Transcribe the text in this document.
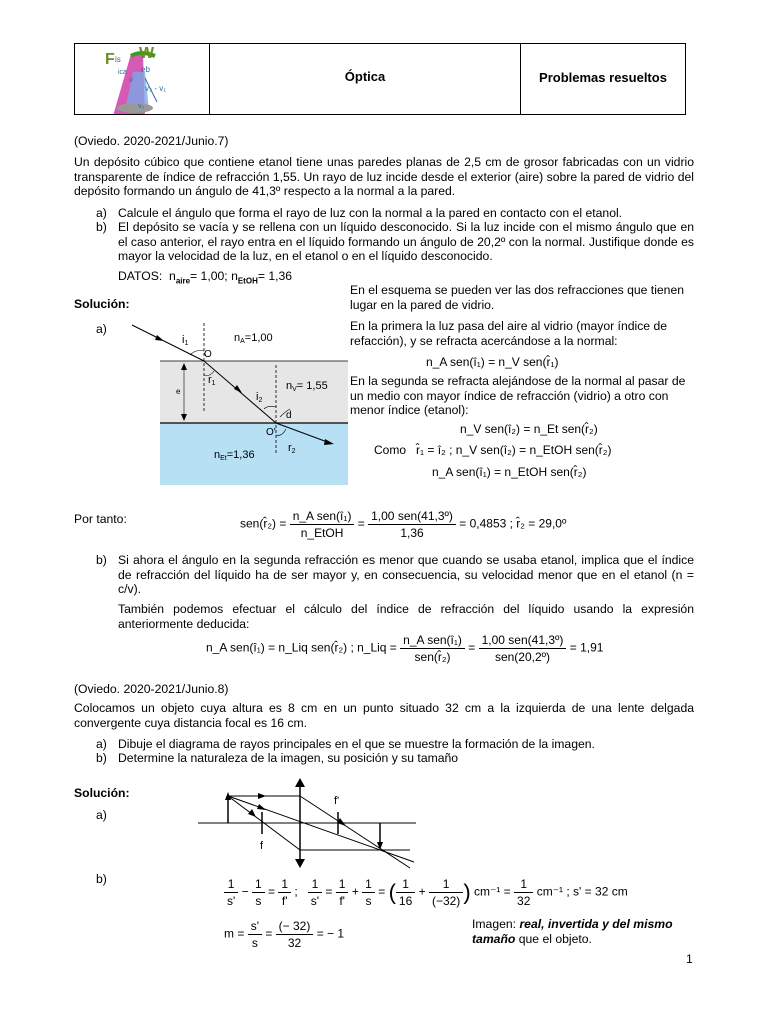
F is
ica
W
eb
v
v₂ - v₁
v₂
Óptica	Problemas resueltos
(Oviedo. 2020-2021/Junio.7)
Un depósito cúbico que contiene etanol tiene unas paredes planas de 2,5 cm de grosor fabricadas con un vidrio transparente de índice de refracción 1,55. Un rayo de luz incide desde el exterior (aire) sobre la pared de vidrio del depósito formando un ángulo de 41,3º respecto a la normal a la pared.
a) Calcule el ángulo que forma el rayo de luz con la normal a la pared en contacto con el etanol.
b) El depósito se vacía y se rellena con un líquido desconocido. Si la luz incide con el mismo ángulo que en el caso anterior, el rayo entra en el líquido formando un ángulo de 20,2º con la normal. Justifique donde es mayor la velocidad de la luz, en el etanol o en el líquido desconocido.
DATOS: $n_{aire}= 1,00$; $n_{EtOH}= 1,36$
Solución:
a)
i1
O
nA=1,00
r1
e	i2
nV= 1,55
d
O'
r2
nEt=1,36
En el esquema se pueden ver las dos refracciones que tienen lugar en la pared de vidrio.
En la primera la luz pasa del aire al vidrio (mayor índice de refacción), y se refracta acercándose a la normal:
n_A sen(î₁) = n_V sen(r̂₁)
En la segunda se refracta alejándose de la normal al pasar de un medio con mayor índice de refracción (vidrio) a otro con menor índice (etanol):
n_V sen(î₂) = n_Et sen(r̂₂)
Como r̂₁ = î₂ ; n_V sen(î₂) = n_EtOH sen(r̂₂)
n_A sen(î₁) = n_EtOH sen(r̂₂)
Por tanto:	sen(r̂₂) = $\frac{\text{n\_A sen(î₁)}}{\text{n\_EtOH}} = \frac{\text{1,00 sen(41,3º)}}{1,36} = 0,4853$ ; r̂₂ = 29,0º
b) Si ahora el ángulo en la segunda refracción es menor que cuando se usaba etanol, implica que el índice de refracción del líquido ha de ser mayor y, en consecuencia, su velocidad menor que en el etanol (n = c/v).
También podemos efectuar el cálculo del índice de refracción del líquido usando la expresión anteriormente deducida:
n_A sen(î₁) = n_Liq sen(r̂₂) ; n_Liq = $\frac{\text{n\_A sen(î₁)}}{\text{sen(r̂₂)}} = \frac{\text{1,00 sen(41,3º)}}{\text{sen(20,2º)}} = 1,91$
(Oviedo. 2020-2021/Junio.8)
Colocamos un objeto cuya altura es 8 cm en un punto situado 32 cm a la izquierda de una lente delgada convergente cuya distancia focal es 16 cm.
a) Dibuje el diagrama de rayos principales en el que se muestre la formación de la imagen.
b) Determine la naturaleza de la imagen, su posición y su tamaño
Solución:
a)
f'
f
b)	$\frac{1}{s'} - \frac{1}{s} = \frac{1}{f'}$ ; $\frac{1}{s'} = \frac{1}{f'} + \frac{1}{s}$ = ( $\frac{1}{16} + \frac{1}{(-32)}$ ) $cm^{-1} = \frac{1}{32} cm^{-1}$ ; s' = 32 cm
$m = \frac{s'}{s} = \frac{(- 32)}{32}$ = − 1
Imagen: real, invertida y del mismo tamaño que el objeto.
1
